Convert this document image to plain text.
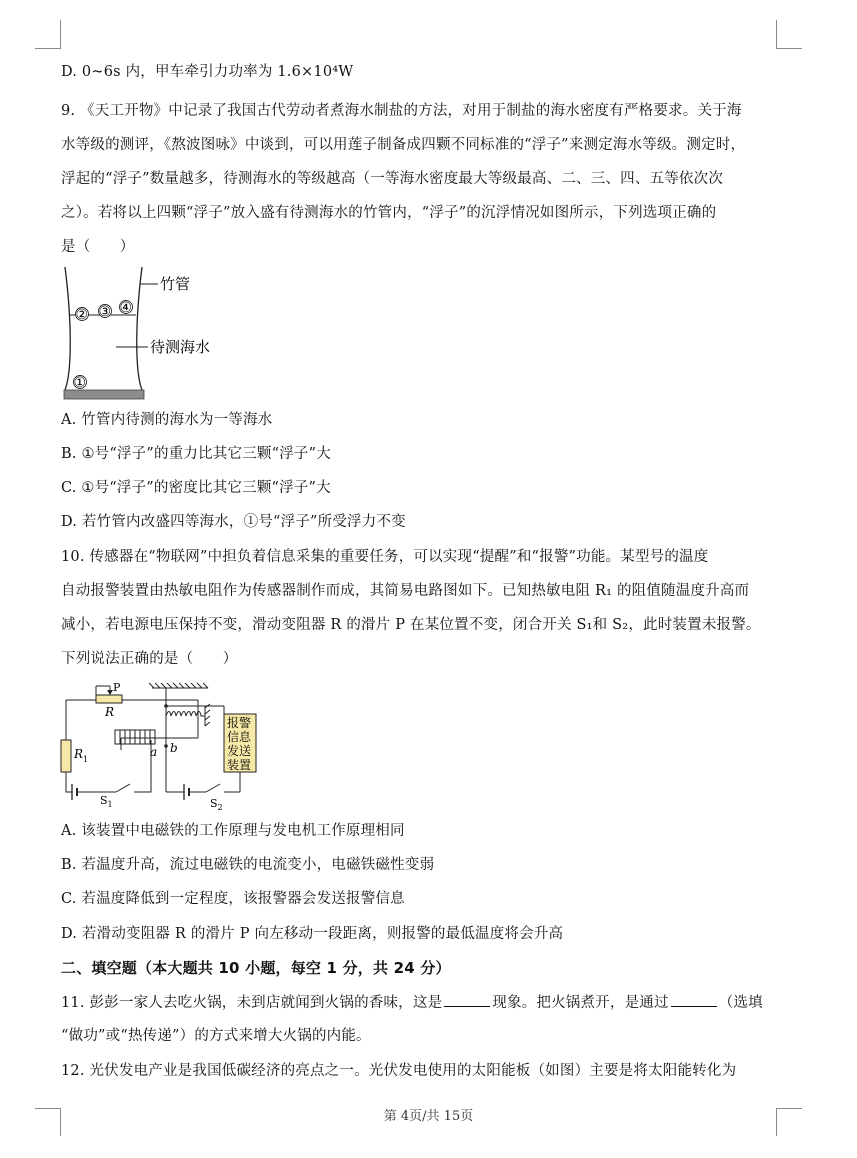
D. 0~6s 内，甲车牵引力功率为 1.6×10⁴W
9. 《天工开物》中记录了我国古代劳动者煮海水制盐的方法，对用于制盐的海水密度有严格要求。关于海
水等级的测评，《熬波图咏》中谈到，可以用莲子制备成四颗不同标准的“浮子”来测定海水等级。测定时，
浮起的“浮子”数量越多，待测海水的等级越高（一等海水密度最大等级最高、二、三、四、五等依次次
之）。若将以上四颗“浮子”放入盛有待测海水的竹管内，“浮子”的沉浮情况如图所示，下列选项正确的
是（　　）
② ③ ④
①
竹管
待测海水
A. 竹管内待测的海水为一等海水
B. ①号“浮子”的重力比其它三颗“浮子”大
C. ①号“浮子”的密度比其它三颗“浮子”大
D. 若竹管内改盛四等海水，①号“浮子”所受浮力不变
10. 传感器在“物联网”中担负着信息采集的重要任务，可以实现“提醒”和“报警”功能。某型号的温度
自动报警装置由热敏电阻作为传感器制作而成，其简易电路图如下。已知热敏电阻 R₁ 的阻值随温度升高而
减小，若电源电压保持不变，滑动变阻器 R 的滑片 P 在某位置不变，闭合开关 S₁和 S₂，此时装置未报警。
下列说法正确的是（　　）
P
R
$R_1$
a b
$S_1$	$S_2$
报警
信息
发送
装置
A. 该装置中电磁铁的工作原理与发电机工作原理相同
B. 若温度升高，流过电磁铁的电流变小，电磁铁磁性变弱
C. 若温度降低到一定程度，该报警器会发送报警信息
D. 若滑动变阻器 R 的滑片 P 向左移动一段距离，则报警的最低温度将会升高
二、填空题（本大题共 10 小题，每空 1 分，共 24 分）
11. 彭彭一家人去吃火锅，未到店就闻到火锅的香味，这是	现象。把火锅煮开，是通过	（选填
“做功”或“热传递”）的方式来增大火锅的内能。
12. 光伏发电产业是我国低碳经济的亮点之一。光伏发电使用的太阳能板（如图）主要是将太阳能转化为
第 4页/共 15页
